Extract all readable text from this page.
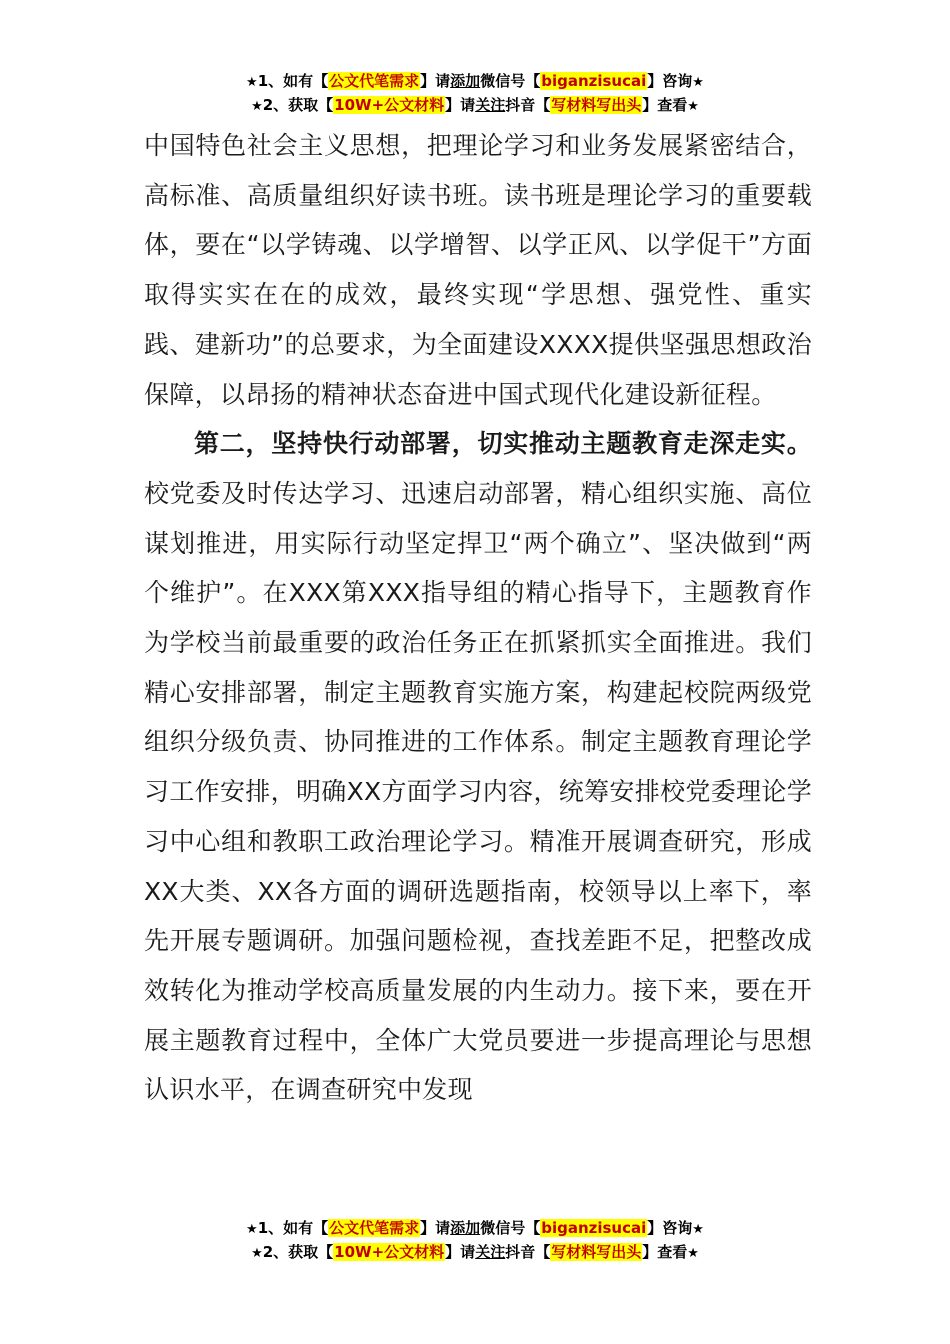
★1、如有【公文代笔需求】请添加微信号【biganzisucai】咨询★
★2、获取【10W+公文材料】请关注抖音【写材料写出头】查看★

中国特色社会主义思想，把理论学习和业务发展紧密结合，高标准、高质量组织好读书班。读书班是理论学习的重要载体，要在“以学铸魂、以学增智、以学正风、以学促干”方面取得实实在在的成效，最终实现“学思想、强党性、重实践、建新功”的总要求，为全面建设XXXX提供坚强思想政治保障，以昂扬的精神状态奋进中国式现代化建设新征程。

第二，坚持快行动部署，切实推动主题教育走深走实。校党委及时传达学习、迅速启动部署，精心组织实施、高位谋划推进，用实际行动坚定捍卫“两个确立”、坚决做到“两个维护”。在XXX第XXX指导组的精心指导下，主题教育作为学校当前最重要的政治任务正在抓紧抓实全面推进。我们精心安排部署，制定主题教育实施方案，构建起校院两级党组织分级负责、协同推进的工作体系。制定主题教育理论学习工作安排，明确XX方面学习内容，统筹安排校党委理论学习中心组和教职工政治理论学习。精准开展调查研究，形成XX大类、XX各方面的调研选题指南，校领导以上率下，率先开展专题调研。加强问题检视，查找差距不足，把整改成效转化为推动学校高质量发展的内生动力。接下来，要在开展主题教育过程中，全体广大党员要进一步提高理论与思想认识水平，在调查研究中发现

★1、如有【公文代笔需求】请添加微信号【biganzisucai】咨询★
★2、获取【10W+公文材料】请关注抖音【写材料写出头】查看★
